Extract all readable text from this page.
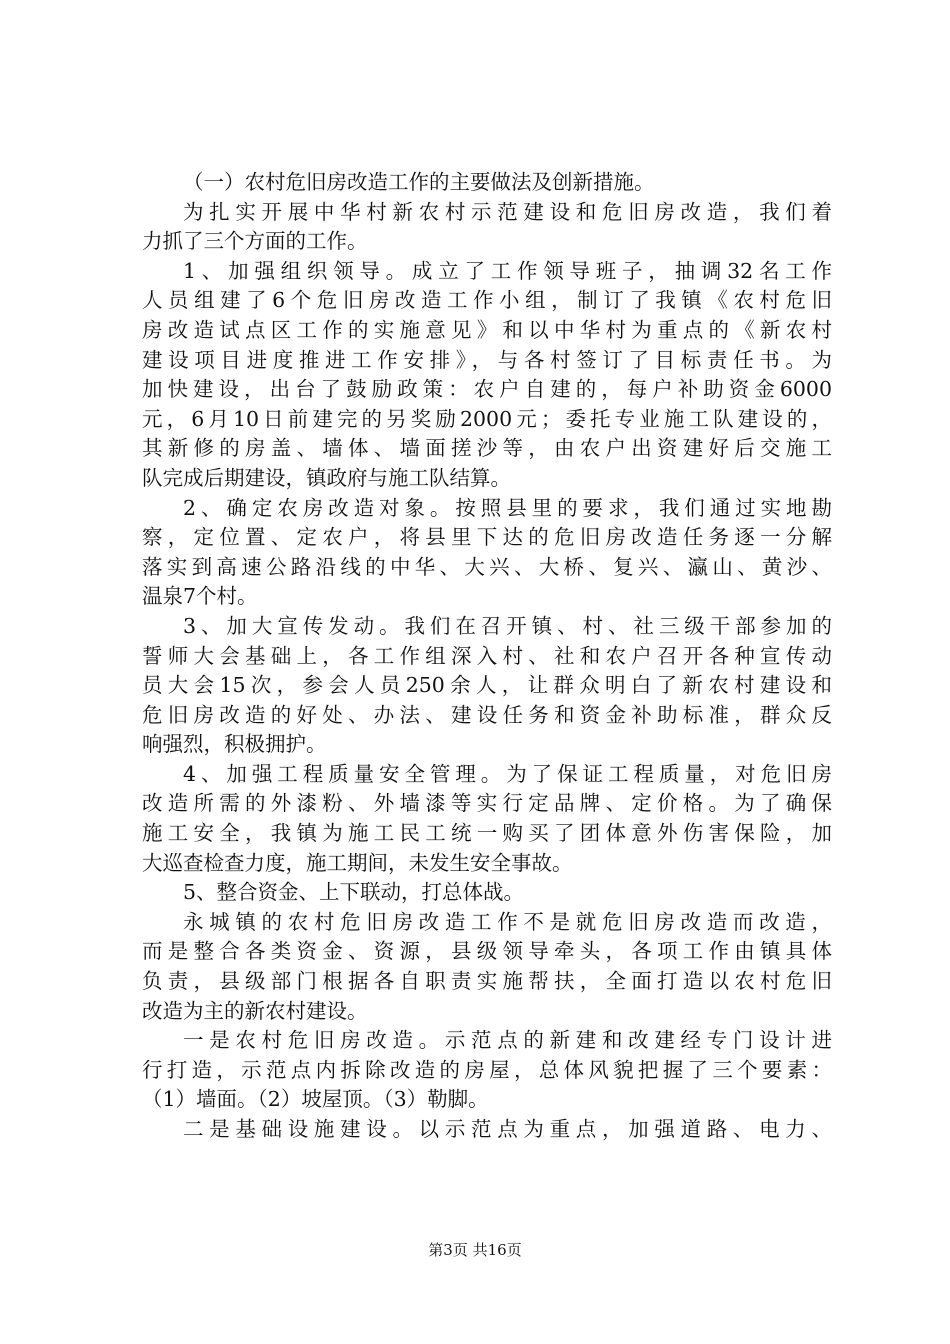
（一）农村危旧房改造工作的主要做法及创新措施。
为扎实开展中华村新农村示范建设和危旧房改造，我们着
力抓了三个方面的工作。
1、加强组织领导。成立了工作领导班子，抽调32名工作
人员组建了6个危旧房改造工作小组，制订了我镇《农村危旧
房改造试点区工作的实施意见》和以中华村为重点的《新农村
建设项目进度推进工作安排》，与各村签订了目标责任书。为
加快建设，出台了鼓励政策：农户自建的，每户补助资金6000
元，6月10日前建完的另奖励2000元；委托专业施工队建设的，
其新修的房盖、墙体、墙面搓沙等，由农户出资建好后交施工
队完成后期建设，镇政府与施工队结算。
2、确定农房改造对象。按照县里的要求，我们通过实地勘
察，定位置、定农户，将县里下达的危旧房改造任务逐一分解
落实到高速公路沿线的中华、大兴、大桥、复兴、瀛山、黄沙、
温泉7个村。
3、加大宣传发动。我们在召开镇、村、社三级干部参加的
誓师大会基础上，各工作组深入村、社和农户召开各种宣传动
员大会15次，参会人员250余人，让群众明白了新农村建设和
危旧房改造的好处、办法、建设任务和资金补助标准，群众反
响强烈，积极拥护。
4、加强工程质量安全管理。为了保证工程质量，对危旧房
改造所需的外漆粉、外墙漆等实行定品牌、定价格。为了确保
施工安全，我镇为施工民工统一购买了团体意外伤害保险，加
大巡查检查力度，施工期间，未发生安全事故。
5、整合资金、上下联动，打总体战。
永城镇的农村危旧房改造工作不是就危旧房改造而改造，
而是整合各类资金、资源，县级领导牵头，各项工作由镇具体
负责，县级部门根据各自职责实施帮扶，全面打造以农村危旧
改造为主的新农村建设。
一是农村危旧房改造。示范点的新建和改建经专门设计进
行打造，示范点内拆除改造的房屋，总体风貌把握了三个要素：
（1）墙面。（2）坡屋顶。（3）勒脚。
二是基础设施建设。以示范点为重点，加强道路、电力、
第3页 共16页
